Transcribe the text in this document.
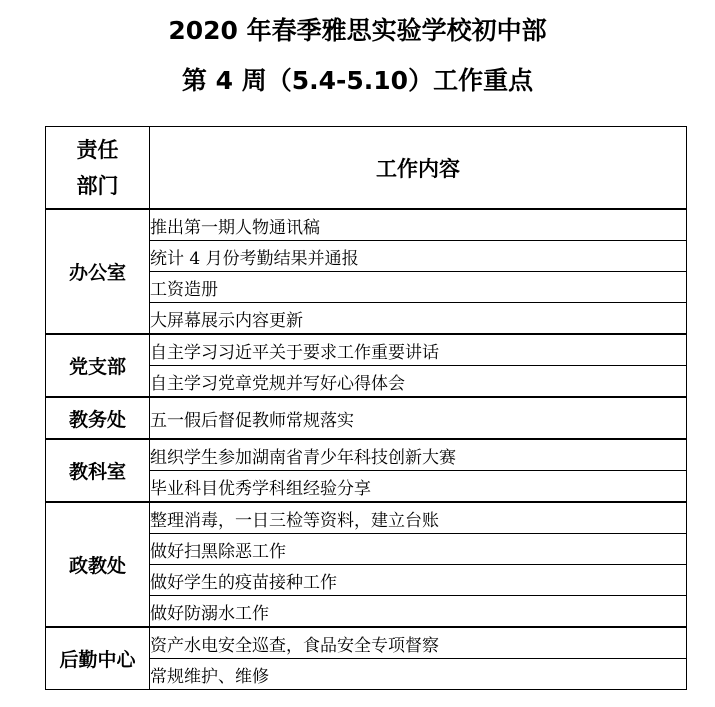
2020 年春季雅思实验学校初中部
第 4 周（5.4-5.10）工作重点
责任
部门	工作内容
办公室	推出第一期人物通讯稿
	统计 4 月份考勤结果并通报
	工资造册
	大屏幕展示内容更新
党支部	自主学习习近平关于要求工作重要讲话
	自主学习党章党规并写好心得体会
教务处	五一假后督促教师常规落实
教科室	组织学生参加湖南省青少年科技创新大赛
	毕业科目优秀学科组经验分享
政教处	整理消毒，一日三检等资料，建立台账
	做好扫黑除恶工作
	做好学生的疫苗接种工作
	做好防溺水工作
后勤中心	资产水电安全巡查，食品安全专项督察
	常规维护、维修
